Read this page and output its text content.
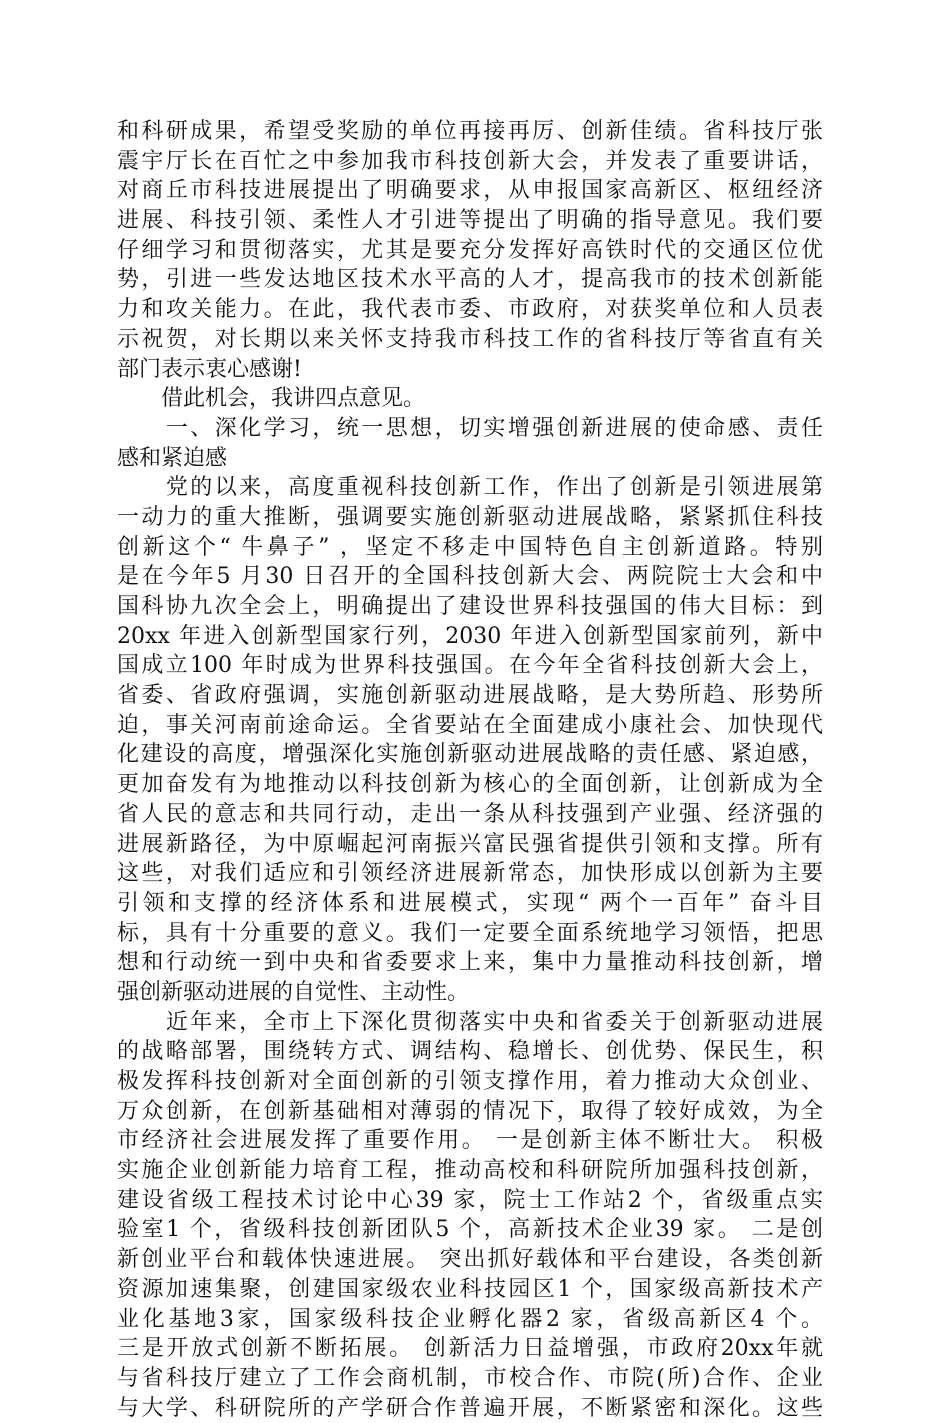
和科研成果，希望受奖励的单位再接再厉、创新佳绩。省科技厅张
震宇厅长在百忙之中参加我市科技创新大会，并发表了重要讲话，
对商丘市科技进展提出了明确要求，从申报国家高新区、枢纽经济
进展、科技引领、柔性人才引进等提出了明确的指导意见。我们要
仔细学习和贯彻落实，尤其是要充分发挥好高铁时代的交通区位优
势，引进一些发达地区技术水平高的人才，提高我市的技术创新能
力和攻关能力。在此，我代表市委、市政府，对获奖单位和人员表
示祝贺，对长期以来关怀支持我市科技工作的省科技厅等省直有关
部门表示衷心感谢!
　　借此机会，我讲四点意见。
　　一、深化学习，统一思想，切实增强创新进展的使命感、责任
感和紧迫感
　　党的以来，高度重视科技创新工作，作出了创新是引领进展第
一动力的重大推断，强调要实施创新驱动进展战略，紧紧抓住科技
创新这个“ 牛鼻子” ，坚定不移走中国特色自主创新道路。特别
是在今年5 月30 日召开的全国科技创新大会、两院院士大会和中
国科协九次全会上，明确提出了建设世界科技强国的伟大目标：到
20xx 年进入创新型国家行列，2030 年进入创新型国家前列，新中
国成立100 年时成为世界科技强国。在今年全省科技创新大会上，
省委、省政府强调，实施创新驱动进展战略，是大势所趋、形势所
迫，事关河南前途命运。全省要站在全面建成小康社会、加快现代
化建设的高度，增强深化实施创新驱动进展战略的责任感、紧迫感，
更加奋发有为地推动以科技创新为核心的全面创新，让创新成为全
省人民的意志和共同行动，走出一条从科技强到产业强、经济强的
进展新路径，为中原崛起河南振兴富民强省提供引领和支撑。所有
这些，对我们适应和引领经济进展新常态，加快形成以创新为主要
引领和支撑的经济体系和进展模式，实现“ 两个一百年” 奋斗目
标，具有十分重要的意义。我们一定要全面系统地学习领悟，把思
想和行动统一到中央和省委要求上来，集中力量推动科技创新，增
强创新驱动进展的自觉性、主动性。
　　近年来，全市上下深化贯彻落实中央和省委关于创新驱动进展
的战略部署，围绕转方式、调结构、稳增长、创优势、保民生，积
极发挥科技创新对全面创新的引领支撑作用，着力推动大众创业、
万众创新，在创新基础相对薄弱的情况下，取得了较好成效，为全
市经济社会进展发挥了重要作用。 一是创新主体不断壮大。 积极
实施企业创新能力培育工程，推动高校和科研院所加强科技创新，
建设省级工程技术讨论中心39 家，院士工作站2 个，省级重点实
验室1 个，省级科技创新团队5 个，高新技术企业39 家。 二是创
新创业平台和载体快速进展。 突出抓好载体和平台建设，各类创新
资源加速集聚，创建国家级农业科技园区1 个，国家级高新技术产
业化基地3家，国家级科技企业孵化器2 家，省级高新区4 个。
三是开放式创新不断拓展。 创新活力日益增强，市政府20xx年就
与省科技厅建立了工作会商机制，市校合作、市院(所)合作、企业
与大学、科研院所的产学研合作普遍开展，不断紧密和深化。这些
